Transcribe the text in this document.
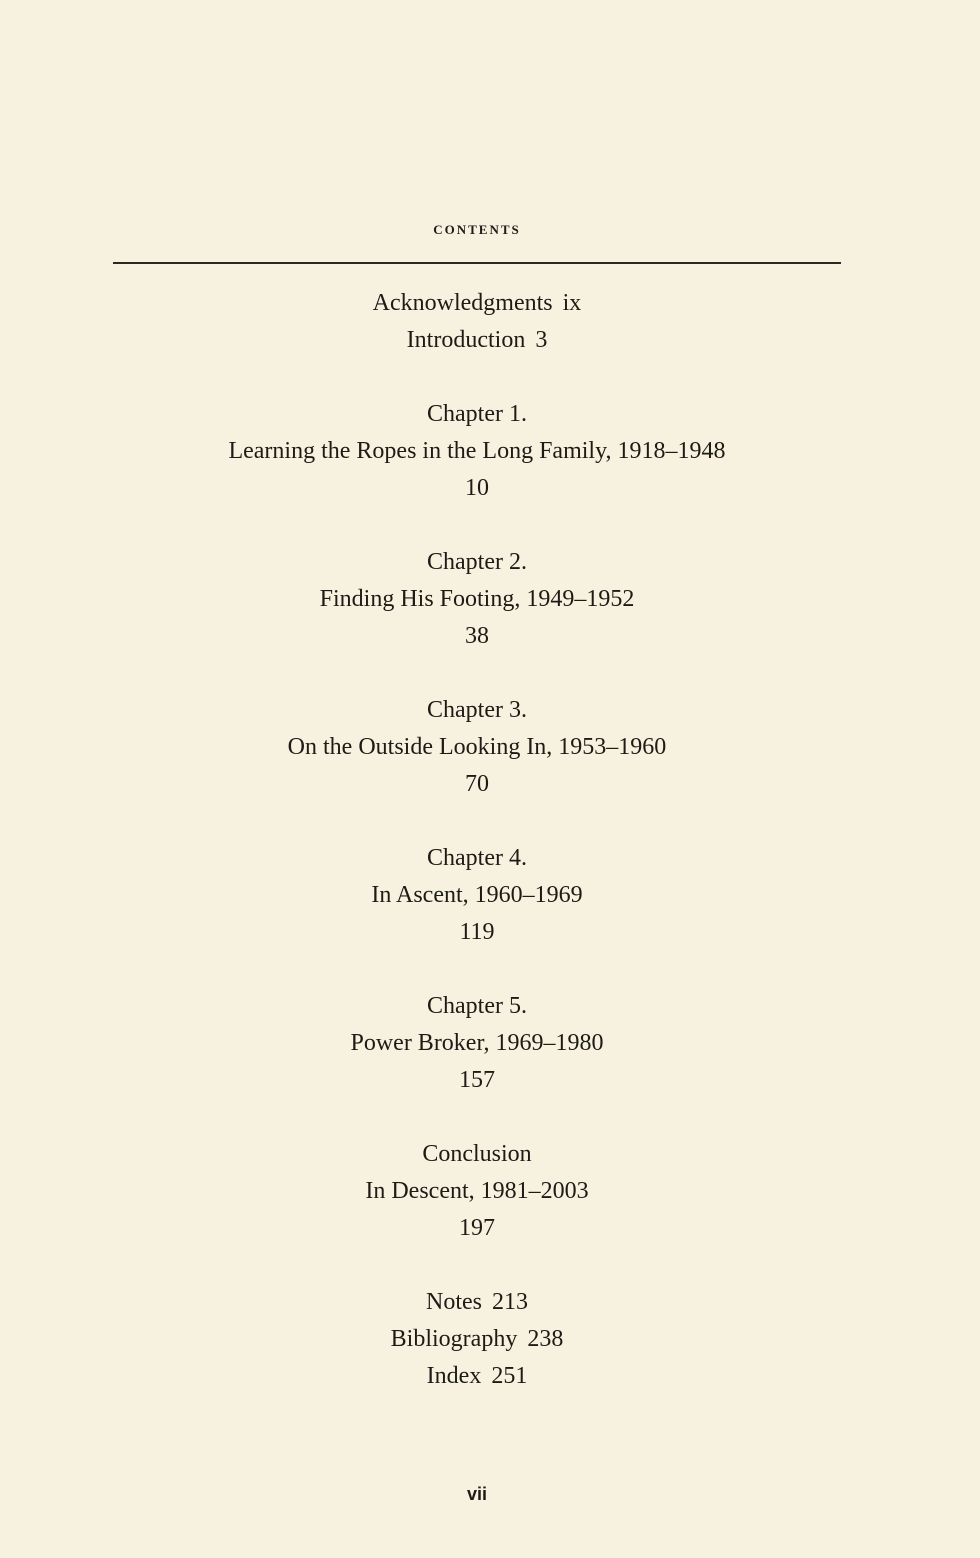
contents
Acknowledgments ix
Introduction 3
Chapter 1.
Learning the Ropes in the Long Family, 1918–1948
10
Chapter 2.
Finding His Footing, 1949–1952
38
Chapter 3.
On the Outside Looking In, 1953–1960
70
Chapter 4.
In Ascent, 1960–1969
119
Chapter 5.
Power Broker, 1969–1980
157
Conclusion
In Descent, 1981–2003
197
Notes 213
Bibliography 238
Index 251
vii
